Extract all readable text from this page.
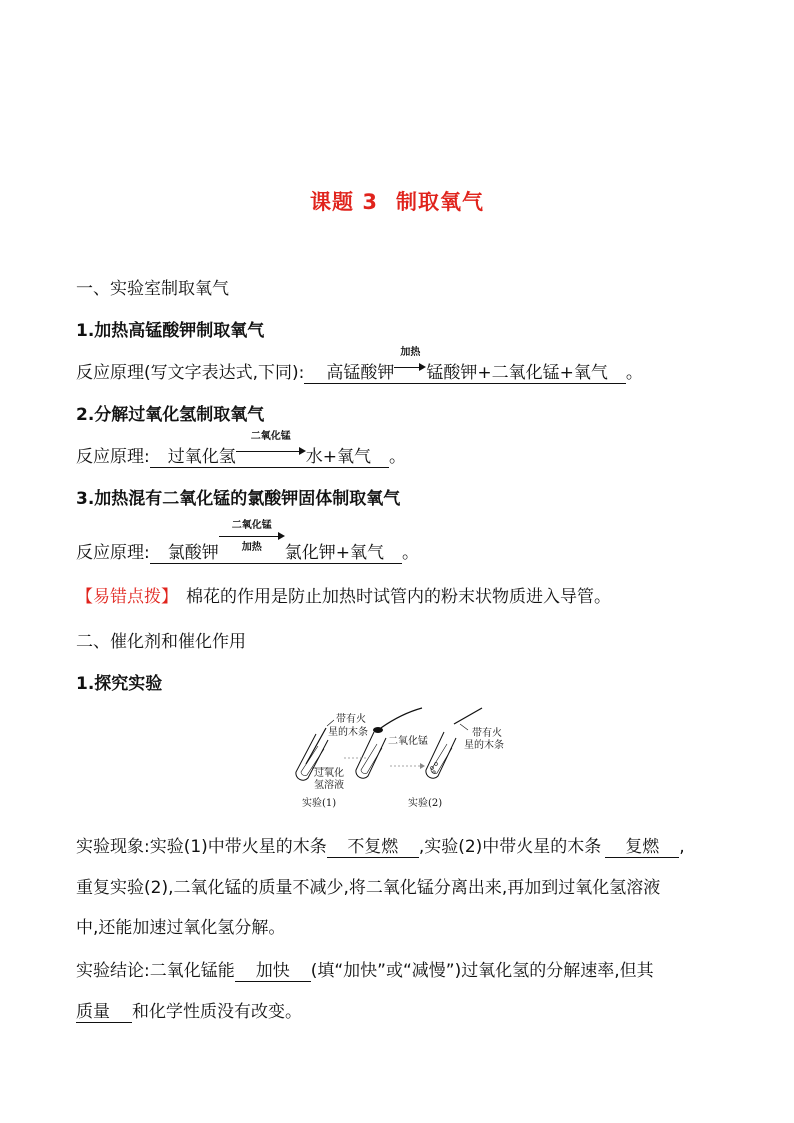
课题 3 制取氧气
一、实验室制取氧气
1.加热高锰酸钾制取氧气
反应原理(写文字表达式,下同): 高锰酸钾
加热
锰酸钾+二氧化锰+氧气 。
2.分解过氧化氢制取氧气
反应原理: 过氧化氢
二氧化锰
水+氧气 。
3.加热混有二氧化锰的氯酸钾固体制取氧气
反应原理: 氯酸钾
二氧化锰
加热	氯化钾+氧气 。
【易错点拨】 棉花的作用是防止加热时试管内的粉末状物质进入导管。
二、催化剂和催化作用
1.探究实验
带有火
星的木条
过氧化
氢溶液
实验(1)
二氧化锰
带有火
星的木条
实验(2)
实验现象:实验(1)中带火星的木条 不复燃 ,实验(2)中带火星的木条 复燃 ,
重复实验(2),二氧化锰的质量不减少,将二氧化锰分离出来,再加到过氧化氢溶液
中,还能加速过氧化氢分解。
实验结论:二氧化锰能 加快 (填“加快”或“减慢”)过氧化氢的分解速率,但其
质量 和化学性质没有改变。
